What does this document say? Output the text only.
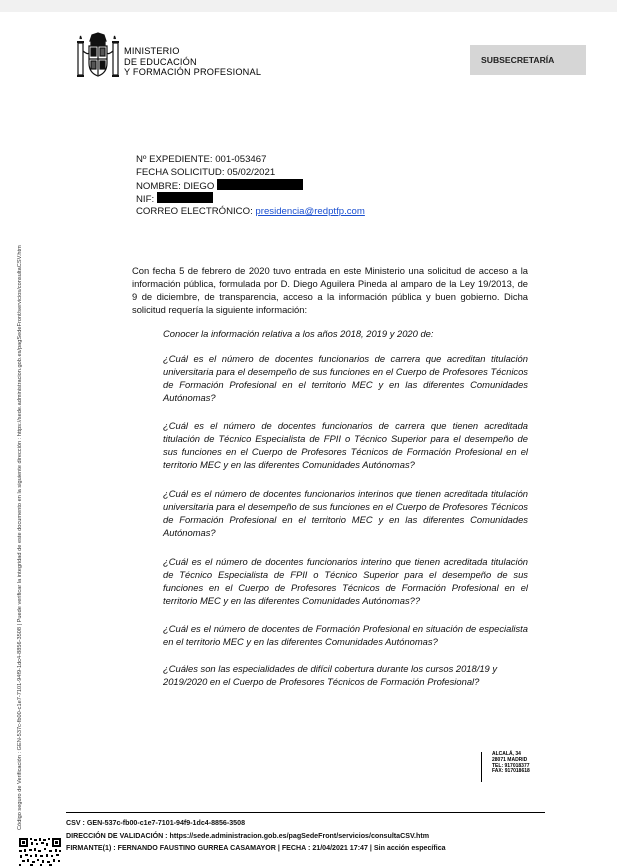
Código seguro de Verificación : GEN-537c-fb00-c1e7-7101-94f9-1dc4-8856-3508 | Puede verificar la integridad de este documento en la siguiente dirección : https://sede.administracion.gob.es/pagSedeFront/servicios/consultaCSV.htm
MINISTERIO
DE EDUCACIÓN
Y FORMACIÓN PROFESIONAL
SUBSECRETARÍA
Nº EXPEDIENTE: 001-053467
FECHA SOLICITUD: 05/02/2021
NOMBRE: DIEGO
NIF:
CORREO ELECTRÓNICO: presidencia@redptfp.com
Con fecha 5 de febrero de 2020 tuvo entrada en este Ministerio una solicitud de acceso a la información pública, formulada por D. Diego Aguilera Pineda al amparo de la Ley 19/2013, de 9 de diciembre, de transparencia, acceso a la información pública y buen gobierno. Dicha solicitud requería la siguiente información:
Conocer la información relativa a los años 2018, 2019 y 2020 de:
¿Cuál es el número de docentes funcionarios de carrera que acreditan titulación universitaria para el desempeño de sus funciones en el Cuerpo de Profesores Técnicos de Formación Profesional en el territorio MEC y en las diferentes Comunidades Autónomas?
¿Cuál es el número de docentes funcionarios de carrera que tienen acreditada titulación de Técnico Especialista de FPII o Técnico Superior para el desempeño de sus funciones en el Cuerpo de Profesores Técnicos de Formación Profesional en el territorio MEC y en las diferentes Comunidades Autónomas?
¿Cuál es el número de docentes funcionarios interinos que tienen acreditada titulación universitaria para el desempeño de sus funciones en el Cuerpo de Profesores Técnicos de Formación Profesional en el territorio MEC y en las diferentes Comunidades Autónomas?
¿Cuál es el número de docentes funcionarios interino que tienen acreditada titulación de Técnico Especialista de FPII o Técnico Superior para el desempeño de sus funciones en el Cuerpo de Profesores Técnicos de Formación Profesional en el territorio MEC y en las diferentes Comunidades Autónomas??
¿Cuál es el número de docentes de Formación Profesional en situación de especialista en el territorio MEC y en las diferentes Comunidades Autónomas?
¿Cuáles son las especialidades de difícil cobertura durante los cursos 2018/19 y 2019/2020 en el Cuerpo de Profesores Técnicos de Formación Profesional?
ALCALÁ, 34
28071 MADRID
TEL: 917018377
FAX: 917018618
CSV : GEN-537c-fb00-c1e7-7101-94f9-1dc4-8856-3508
DIRECCIÓN DE VALIDACIÓN : https://sede.administracion.gob.es/pagSedeFront/servicios/consultaCSV.htm
FIRMANTE(1) : FERNANDO FAUSTINO GURREA CASAMAYOR | FECHA : 21/04/2021 17:47 | Sin acción específica
